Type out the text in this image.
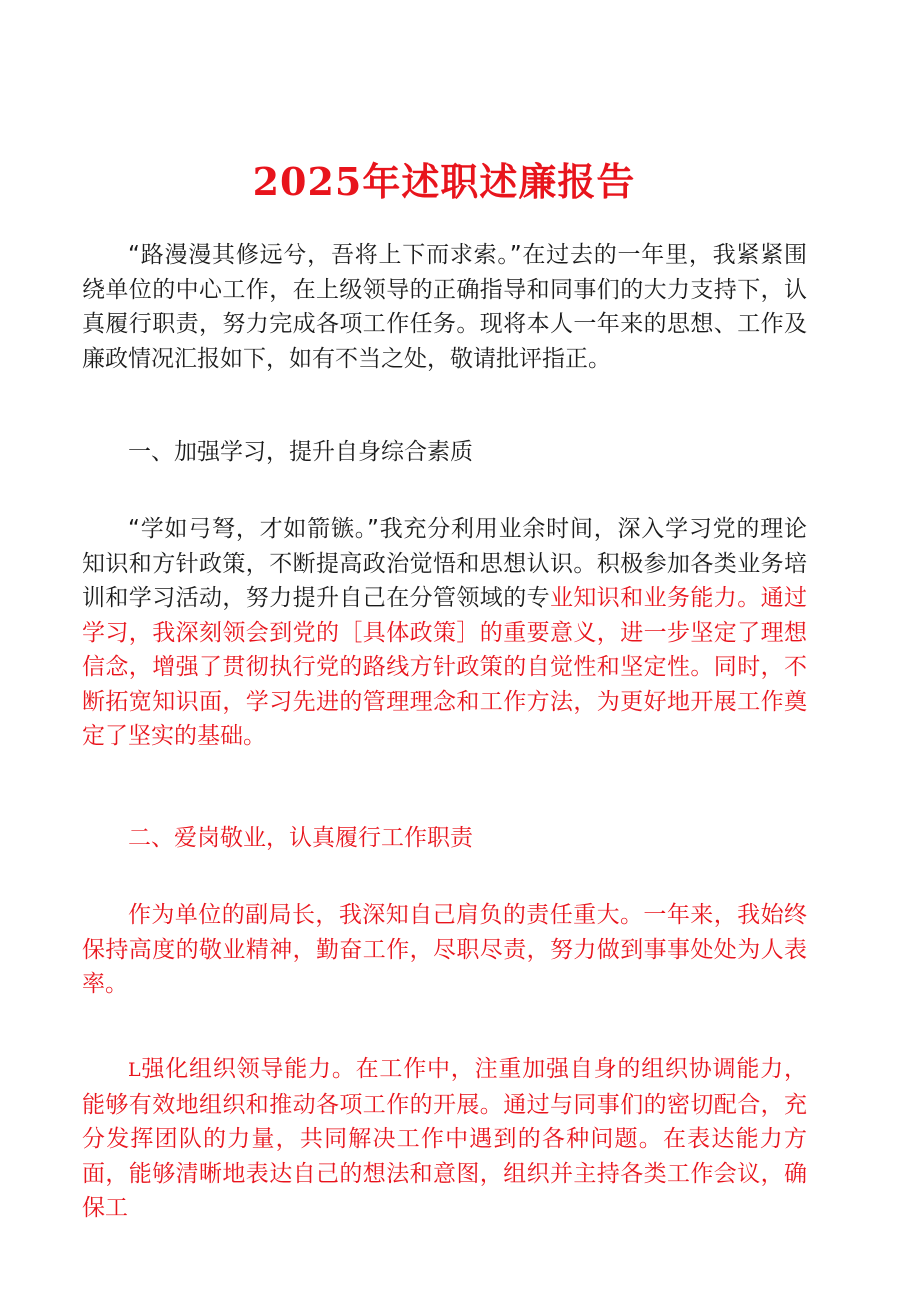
2025年述职述廉报告

“路漫漫其修远兮，吾将上下而求索。”在过去的一年里，我紧紧围绕单位的中心工作，在上级领导的正确指导和同事们的大力支持下，认真履行职责，努力完成各项工作任务。现将本人一年来的思想、工作及廉政情况汇报如下，如有不当之处，敬请批评指正。

一、加强学习，提升自身综合素质

“学如弓弩，才如箭镞。”我充分利用业余时间，深入学习党的理论知识和方针政策，不断提高政治觉悟和思想认识。积极参加各类业务培训和学习活动，努力提升自己在分管领域的专业知识和业务能力。通过学习，我深刻领会到党的［具体政策］的重要意义，进一步坚定了理想信念，增强了贯彻执行党的路线方针政策的自觉性和坚定性。同时，不断拓宽知识面，学习先进的管理理念和工作方法，为更好地开展工作奠定了坚实的基础。

二、爱岗敬业，认真履行工作职责

作为单位的副局长，我深知自己肩负的责任重大。一年来，我始终保持高度的敬业精神，勤奋工作，尽职尽责，努力做到事事处处为人表率。

L强化组织领导能力。在工作中，注重加强自身的组织协调能力，能够有效地组织和推动各项工作的开展。通过与同事们的密切配合，充分发挥团队的力量，共同解决工作中遇到的各种问题。在表达能力方面，能够清晰地表达自己的想法和意图，组织并主持各类工作会议，确保工
